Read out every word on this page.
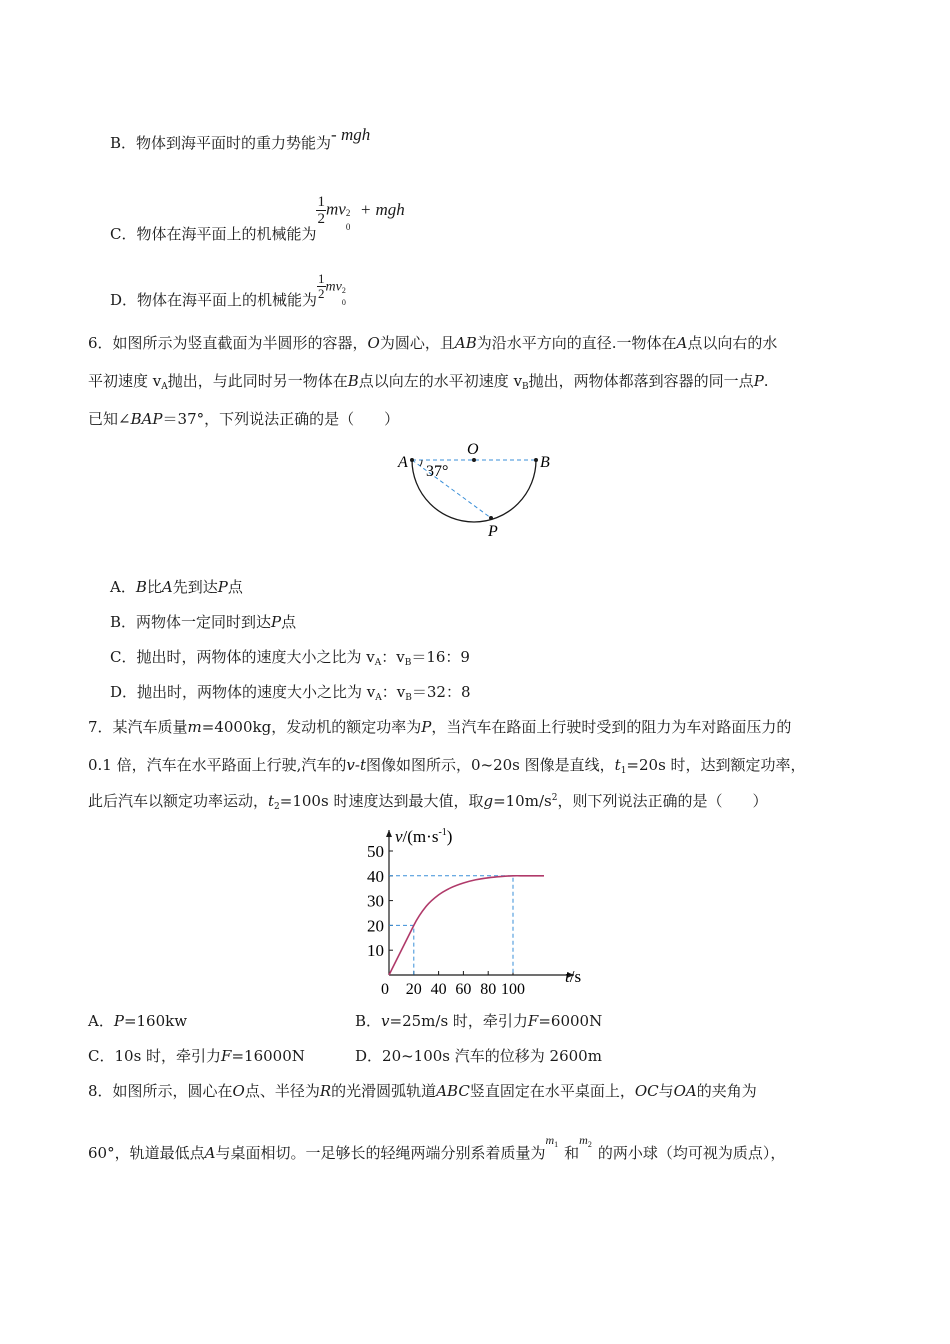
B．物体到海平面时的重力势能为- mgh
C．物体在海平面上的机械能为
$\frac{1}{2}$ mv 2
0
+ mgh
D．物体在海平面上的机械能为 $\frac{1}{2}$ mv 2
0
6．如图所示为竖直截面为半圆形的容器，O为圆心，且AB为沿水平方向的直径.一物体在A点以向右的水
平初速度 $v_A$抛出，与此同时另一物体在B点以向左的水平初速度 $v_B$抛出，两物体都落到容器的同一点P.
已知∠BAP＝37°，下列说法正确的是（　　）
A
O
B
P
37°
A．B比A先到达P点
B．两物体一定同时到达P点
C．抛出时，两物体的速度大小之比为 $v_A$：$v_B=16$：9
D．抛出时，两物体的速度大小之比为 $v_A$：$v_B=32$：8
7．某汽车质量m=4000kg，发动机的额定功率为P，当汽车在路面上行驶时受到的阻力为车对路面压力的
0.1 倍，汽车在水平路面上行驶,汽车的v-t图像如图所示，0~20s 图像是直线，$t_1=20s$ 时，达到额定功率，
此后汽车以额定功率运动，$t_2=100s$ 时速度达到最大值，取$g=10m/s^2$，则下列说法正确的是（　　）
0
10
20
30
40
50
20 40 60 80 100
$v/(m\cdot s^{-1})$
t/s
A．P=160kw	B．v=25m/s 时，牵引力F=6000N
C．10s 时，牵引力F=16000N	D．20~100s 汽车的位移为 2600m
8．如图所示，圆心在O点、半径为R的光滑圆弧轨道ABC竖直固定在水平桌面上，OC与OA的夹角为
60°，轨道最低点A与桌面相切。一足够长的轻绳两端分别系着质量为$^{m_1}$ 和$^{m_2}$ 的两小球（均可视为质点），
